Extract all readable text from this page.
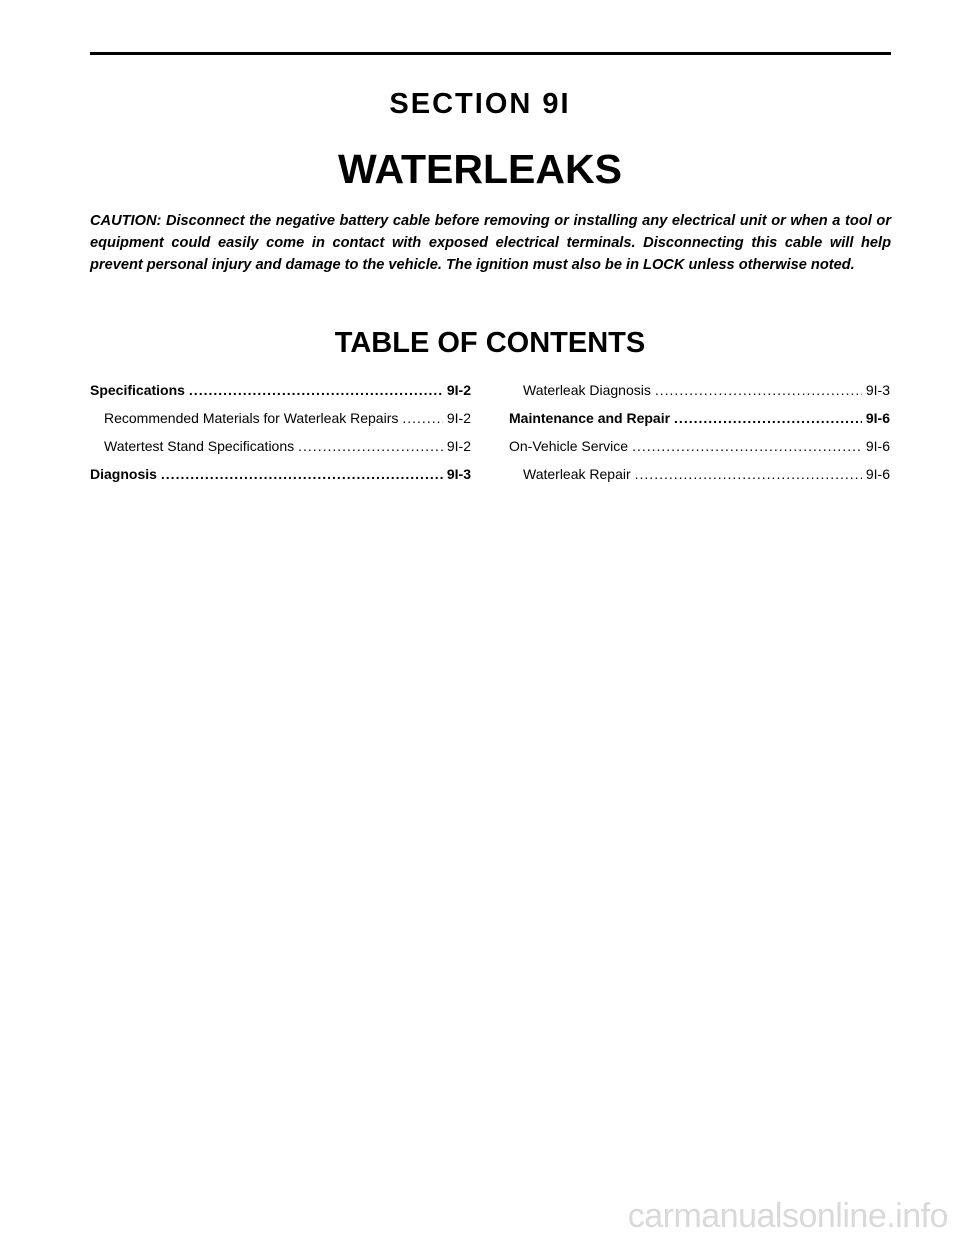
SECTION 9I
WATERLEAKS

CAUTION: Disconnect the negative battery cable before removing or installing any electrical unit or when a tool or equipment could easily come in contact with exposed electrical terminals. Disconnecting this cable will help prevent personal injury and damage to the vehicle. The ignition must also be in LOCK unless otherwise noted.

TABLE OF CONTENTS
Specifications .....	9I-2
Recommended Materials for Waterleak Repairs .....	9I-2
Watertest Stand Specifications .....	9I-2
Diagnosis .....	9I-3
Waterleak Diagnosis .....	9I-3
Maintenance and Repair .....	9I-6
On-Vehicle Service .....	9I-6
Waterleak Repair .....	9I-6
carmanualsonline.info
